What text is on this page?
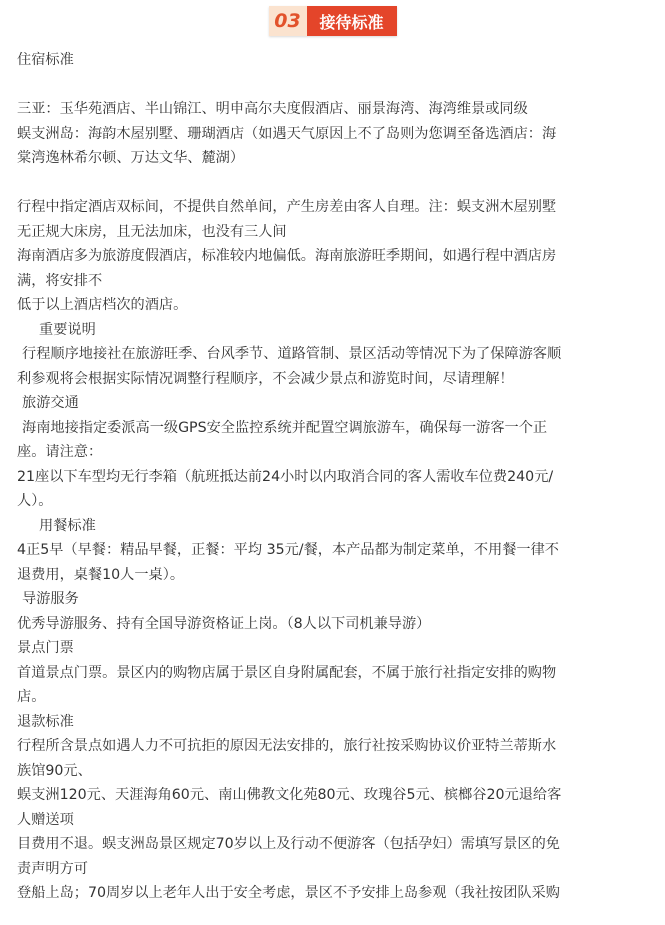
03	接待标准
住宿标准
三亚：玉华苑酒店、半山锦江、明申高尔夫度假酒店、丽景海湾、海湾维景或同级
蜈支洲岛：海韵木屋别墅、珊瑚酒店（如遇天气原因上不了岛则为您调至备选酒店：海
棠湾逸林希尔顿、万达文华、麓湖）
行程中指定酒店双标间，不提供自然单间，产生房差由客人自理。注：蜈支洲木屋别墅
无正规大床房，且无法加床，也没有三人间
海南酒店多为旅游度假酒店，标准较内地偏低。海南旅游旺季期间，如遇行程中酒店房
满，将安排不
低于以上酒店档次的酒店。
重要说明
行程顺序地接社在旅游旺季、台风季节、道路管制、景区活动等情况下为了保障游客顺
利参观将会根据实际情况调整行程顺序，不会减少景点和游览时间，尽请理解！
旅游交通
海南地接指定委派高一级GPS安全监控系统并配置空调旅游车，确保每一游客一个正
座。请注意：
21座以下车型均无行李箱（航班抵达前24小时以内取消合同的客人需收车位费240元/
人）。
用餐标准
4正5早（早餐：精品早餐，正餐：平均 35元/餐，本产品都为制定菜单，不用餐一律不
退费用，桌餐10人一桌）。
导游服务
优秀导游服务、持有全国导游资格证上岗。（8人以下司机兼导游）
景点门票
首道景点门票。景区内的购物店属于景区自身附属配套，不属于旅行社指定安排的购物
店。
退款标准
行程所含景点如遇人力不可抗拒的原因无法安排的，旅行社按采购协议价亚特兰蒂斯水
族馆90元、
蜈支洲120元、天涯海角60元、南山佛教文化苑80元、玫瑰谷5元、槟榔谷20元退给客
人赠送项
目费用不退。蜈支洲岛景区规定70岁以上及行动不便游客（包括孕妇）需填写景区的免
责声明方可
登船上岛；70周岁以上老年人出于安全考虑，景区不予安排上岛参观（我社按团队采购
